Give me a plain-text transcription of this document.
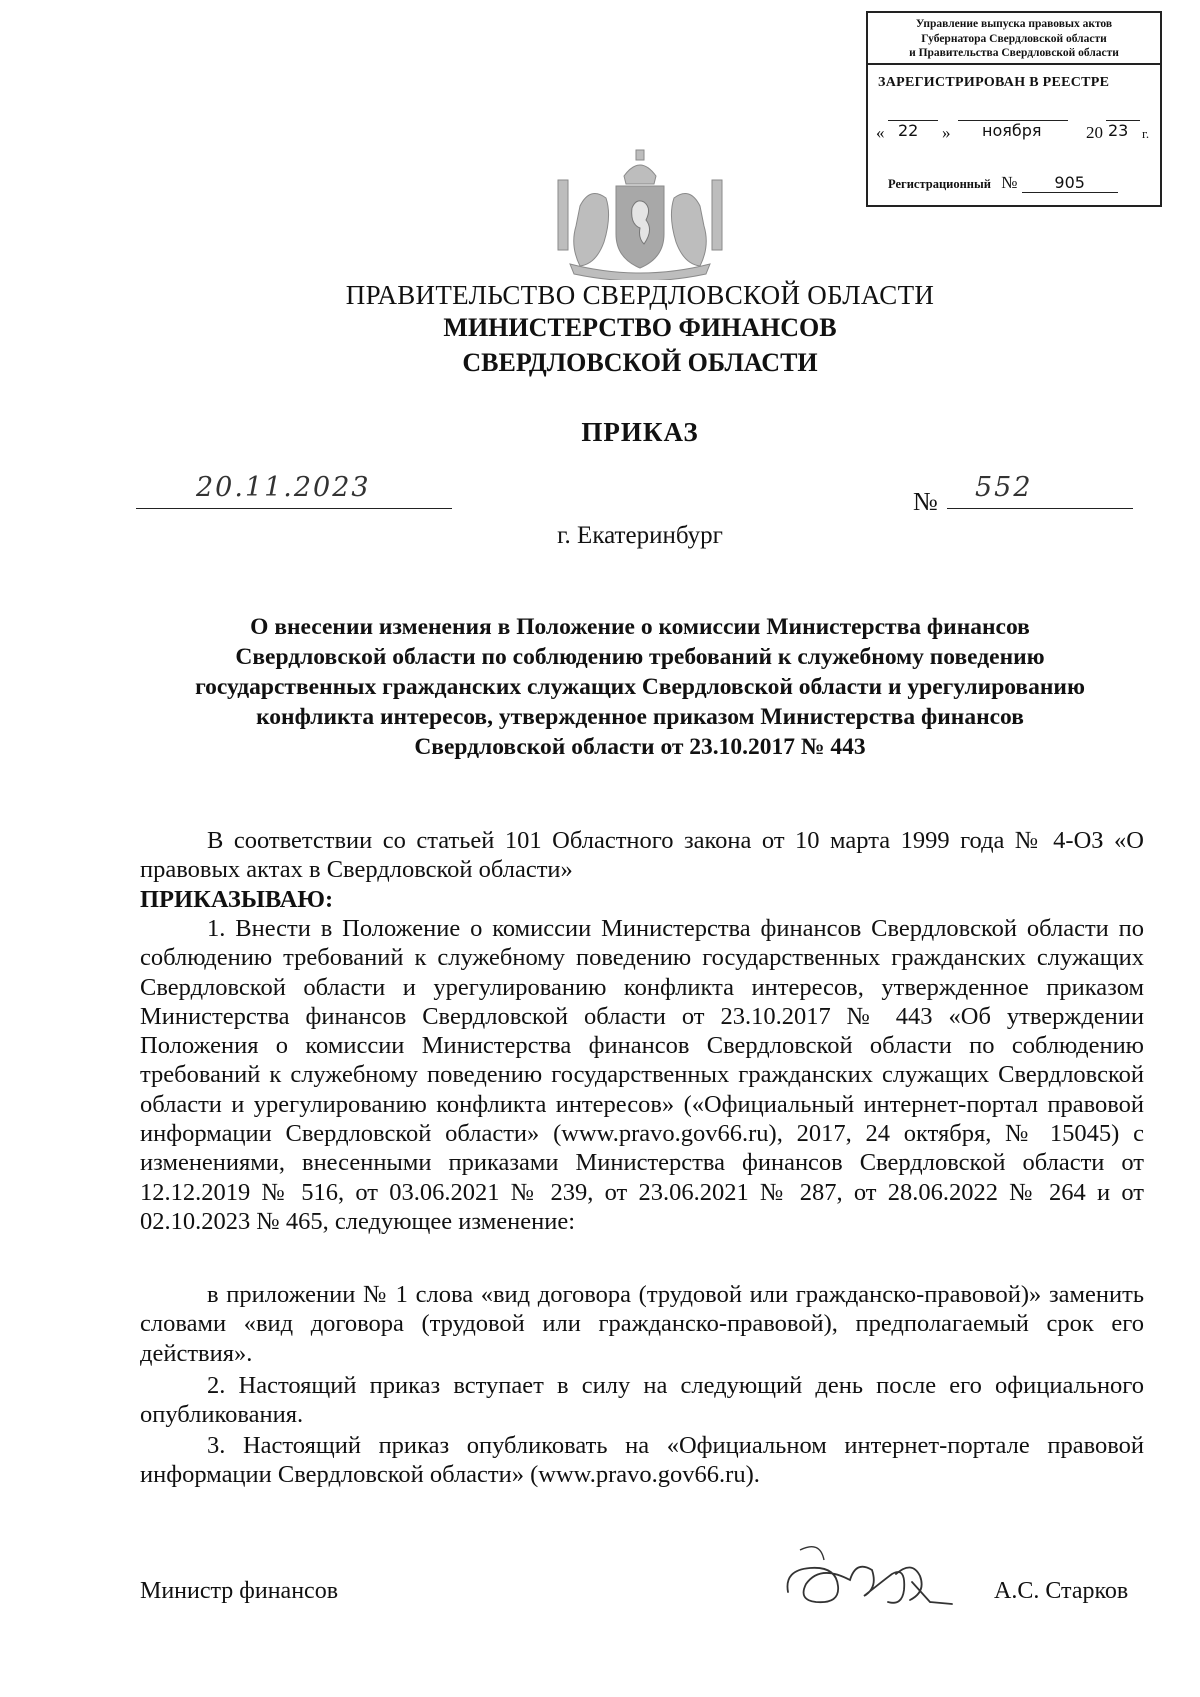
Управление выпуска правовых актов
Губернатора Свердловской области
и Правительства Свердловской области
ЗАРЕГИСТРИРОВАН В РЕЕСТРЕ
« 22 » ноября	20 23 г.
Регистрационный № 905
ПРАВИТЕЛЬСТВО СВЕРДЛОВСКОЙ ОБЛАСТИ
МИНИСТЕРСТВО ФИНАНСОВ
СВЕРДЛОВСКОЙ ОБЛАСТИ
ПРИКАЗ
20.11.2023	№ 552
г. Екатеринбург
О внесении изменения в Положение о комиссии Министерства финансов
Свердловской области по соблюдению требований к служебному поведению
государственных гражданских служащих Свердловской области и урегулированию
конфликта интересов, утвержденное приказом Министерства финансов
Свердловской области от 23.10.2017 № 443
В соответствии со статьей 101 Областного закона от 10 марта 1999 года № 4-ОЗ «О правовых актах в Свердловской области»
ПРИКАЗЫВАЮ:
1. Внести в Положение о комиссии Министерства финансов Свердловской области по соблюдению требований к служебному поведению государственных гражданских служащих Свердловской области и урегулированию конфликта интересов, утвержденное приказом Министерства финансов Свердловской области от 23.10.2017 № 443 «Об утверждении Положения о комиссии Министерства финансов Свердловской области по соблюдению требований к служебному поведению государственных гражданских служащих Свердловской области и урегулированию конфликта интересов» («Официальный интернет-портал правовой информации Свердловской области» (www.pravo.gov66.ru), 2017, 24 октября, № 15045) с изменениями, внесенными приказами Министерства финансов Свердловской области от 12.12.2019 № 516, от 03.06.2021 № 239, от 23.06.2021 № 287, от 28.06.2022 № 264 и от 02.10.2023 № 465, следующее изменение:
в приложении № 1 слова «вид договора (трудовой или гражданско-правовой)» заменить словами «вид договора (трудовой или гражданско-правовой), предполагаемый срок его действия».
2. Настоящий приказ вступает в силу на следующий день после его официального опубликования.
3. Настоящий приказ опубликовать на «Официальном интернет-портале правовой информации Свердловской области» (www.pravo.gov66.ru).
Министр финансов	А.С. Старков
